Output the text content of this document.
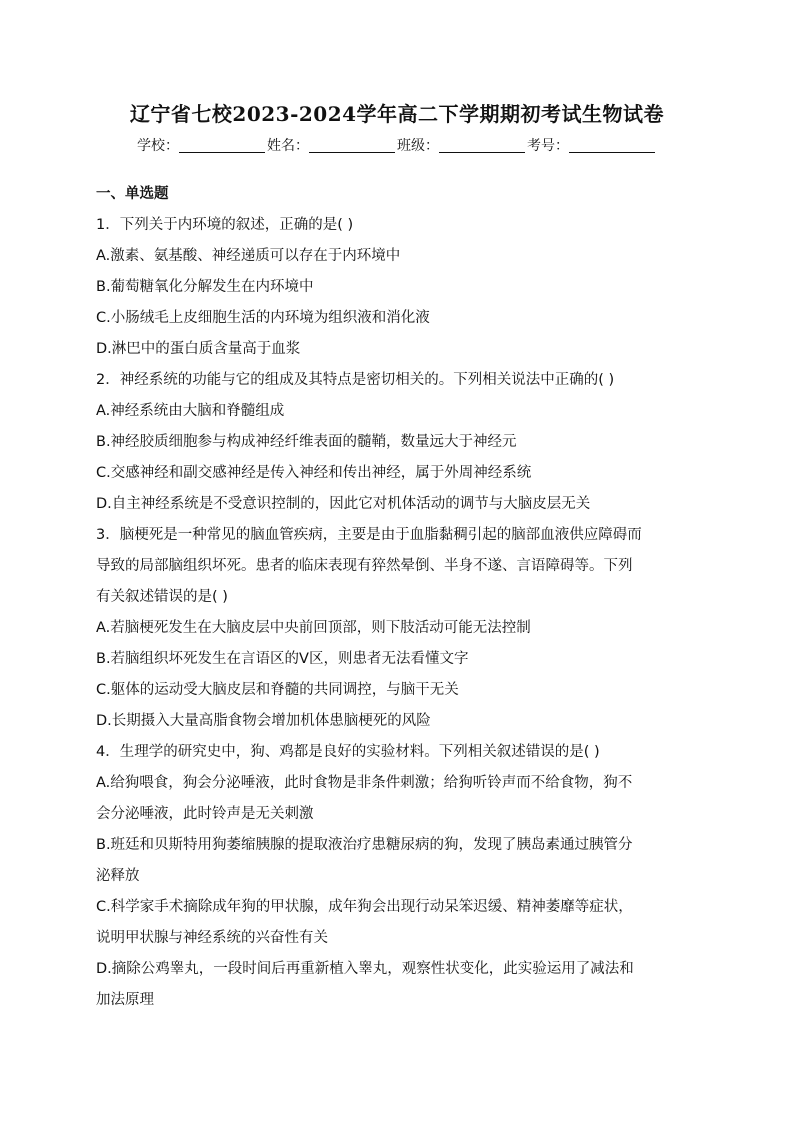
辽宁省七校2023-2024学年高二下学期期初考试生物试卷
学校：	姓名：	班级：	考号：
一、单选题
1．下列关于内环境的叙述，正确的是( )
A.激素、氨基酸、神经递质可以存在于内环境中
B.葡萄糖氧化分解发生在内环境中
C.小肠绒毛上皮细胞生活的内环境为组织液和消化液
D.淋巴中的蛋白质含量高于血浆
2．神经系统的功能与它的组成及其特点是密切相关的。下列相关说法中正确的( )
A.神经系统由大脑和脊髓组成
B.神经胶质细胞参与构成神经纤维表面的髓鞘，数量远大于神经元
C.交感神经和副交感神经是传入神经和传出神经，属于外周神经系统
D.自主神经系统是不受意识控制的，因此它对机体活动的调节与大脑皮层无关
3．脑梗死是一种常见的脑血管疾病，主要是由于血脂黏稠引起的脑部血液供应障碍而
导致的局部脑组织坏死。患者的临床表现有猝然晕倒、半身不遂、言语障碍等。下列
有关叙述错误的是( )
A.若脑梗死发生在大脑皮层中央前回顶部，则下肢活动可能无法控制
B.若脑组织坏死发生在言语区的V区，则患者无法看懂文字
C.躯体的运动受大脑皮层和脊髓的共同调控，与脑干无关
D.长期摄入大量高脂食物会增加机体患脑梗死的风险
4．生理学的研究史中，狗、鸡都是良好的实验材料。下列相关叙述错误的是( )
A.给狗喂食，狗会分泌唾液，此时食物是非条件刺激；给狗听铃声而不给食物，狗不
会分泌唾液，此时铃声是无关刺激
B.班廷和贝斯特用狗萎缩胰腺的提取液治疗患糖尿病的狗，发现了胰岛素通过胰管分
泌释放
C.科学家手术摘除成年狗的甲状腺，成年狗会出现行动呆笨迟缓、精神萎靡等症状，
说明甲状腺与神经系统的兴奋性有关
D.摘除公鸡睾丸，一段时间后再重新植入睾丸，观察性状变化，此实验运用了减法和
加法原理
